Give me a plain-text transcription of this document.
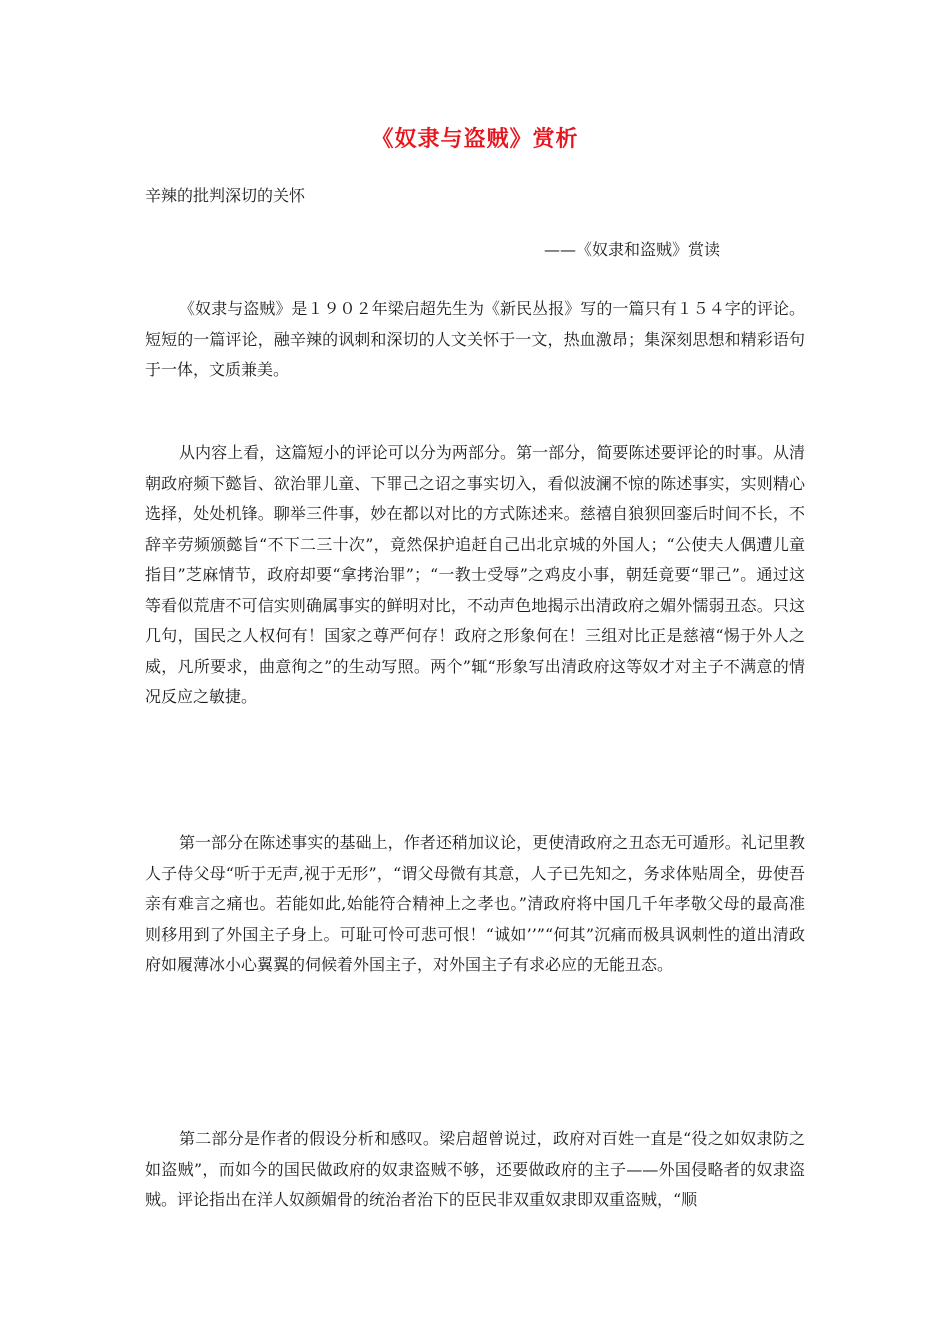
《奴隶与盗贼》赏析

辛辣的批判深切的关怀

——《奴隶和盗贼》赏读

《奴隶与盗贼》是１９０２年梁启超先生为《新民丛报》写的一篇只有１５４字的评论。短短的一篇评论，融辛辣的讽刺和深切的人文关怀于一文，热血激昂；集深刻思想和精彩语句于一体，文质兼美。

从内容上看，这篇短小的评论可以分为两部分。第一部分，简要陈述要评论的时事。从清朝政府频下懿旨、欲治罪儿童、下罪己之诏之事实切入，看似波澜不惊的陈述事实，实则精心选择，处处机锋。聊举三件事，妙在都以对比的方式陈述来。慈禧自狼狈回銮后时间不长，不辞辛劳频颁懿旨“不下二三十次”，竟然保护追赶自己出北京城的外国人；“公使夫人偶遭儿童指目”芝麻情节，政府却要“拿拷治罪”；“一教士受辱”之鸡皮小事，朝廷竟要“罪己”。通过这等看似荒唐不可信实则确属事实的鲜明对比，不动声色地揭示出清政府之媚外懦弱丑态。只这几句，国民之人权何有！国家之尊严何存！政府之形象何在！三组对比正是慈禧“惕于外人之威，凡所要求，曲意徇之”的生动写照。两个”辄“形象写出清政府这等奴才对主子不满意的情况反应之敏捷。

第一部分在陈述事实的基础上，作者还稍加议论，更使清政府之丑态无可遁形。礼记里教人子侍父母“听于无声,视于无形”，“谓父母微有其意，人子已先知之，务求体贴周全，毋使吾亲有难言之痛也。若能如此,始能符合精神上之孝也。”清政府将中国几千年孝敬父母的最高准则移用到了外国主子身上。可耻可怜可悲可恨！“诚如’’”“何其”沉痛而极具讽刺性的道出清政府如履薄冰小心翼翼的伺候着外国主子，对外国主子有求必应的无能丑态。

第二部分是作者的假设分析和感叹。梁启超曾说过，政府对百姓一直是“役之如奴隶防之如盗贼”，而如今的国民做政府的奴隶盗贼不够，还要做政府的主子——外国侵略者的奴隶盗贼。评论指出在洋人奴颜媚骨的统治者治下的臣民非双重奴隶即双重盗贼，“顺
